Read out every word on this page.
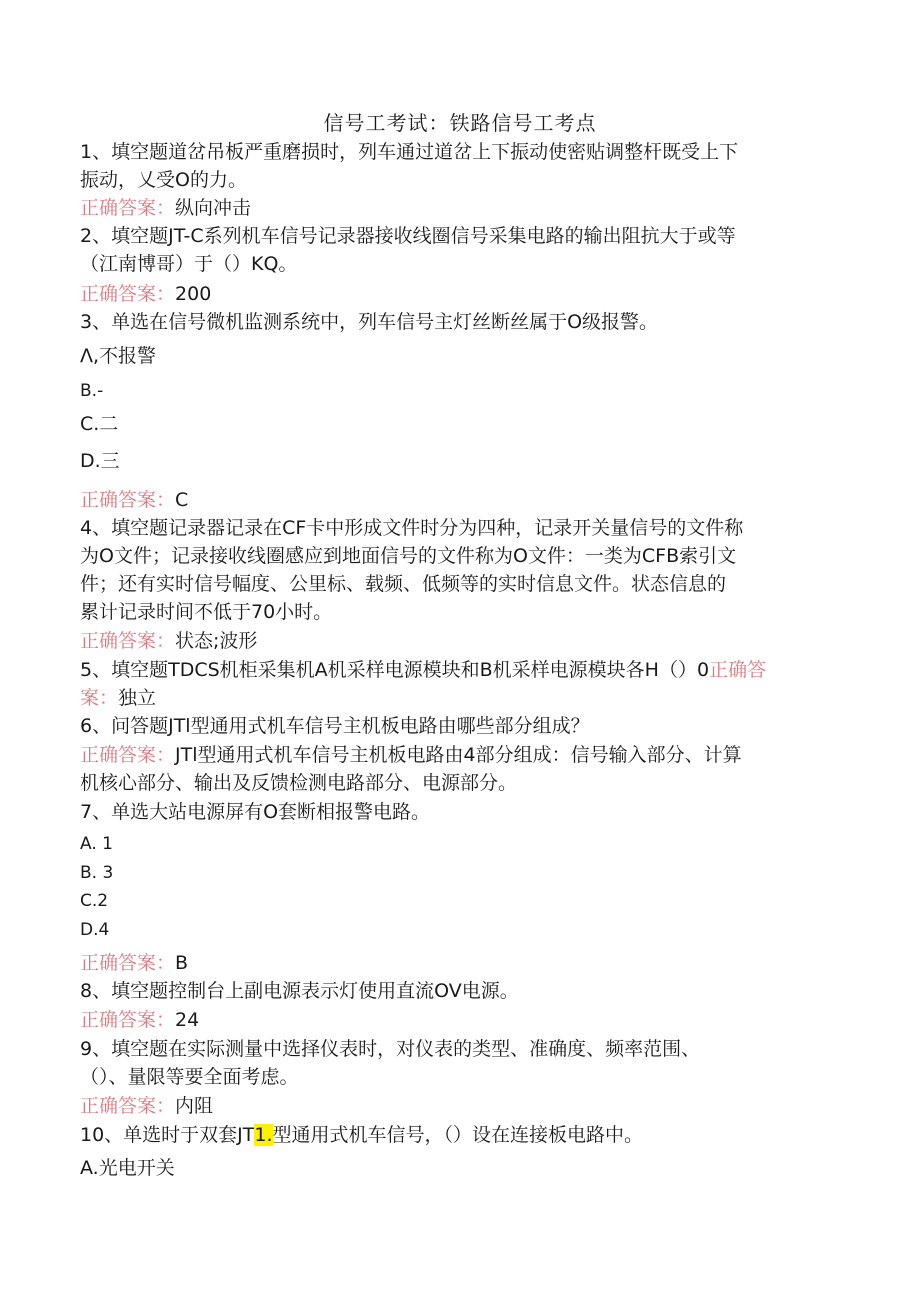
信号工考试：铁路信号工考点
1、填空题道岔吊板严重磨损时，列车通过道岔上下振动使密贴调整杆既受上下
振动，乂受O的力。
正确答案：纵向冲击
2、填空题JT-C系列机车信号记录器接收线圈信号采集电路的输出阻抗大于或等
（江南博哥）于（）KQ。
正确答案：200
3、单选在信号微机监测系统中，列车信号主灯丝断丝属于O级报警。
Λ,不报警
B.-
C.二
D.三
正确答案：C
4、填空题记录器记录在CF卡中形成文件时分为四种，记录开关量信号的文件称
为O文件；记录接收线圈感应到地面信号的文件称为O文件：一类为CFB索引文
件；还有实时信号幅度、公里标、载频、低频等的实时信息文件。状态信息的
累计记录时间不低于70小时。
正确答案：状态;波形
5、填空题TDCS机柜采集机A机采样电源模块和B机采样电源模块各H（）0正确答
案：独立
6、问答题JTl型通用式机车信号主机板电路由哪些部分组成？
正确答案：JTl型通用式机车信号主机板电路由4部分组成：信号输入部分、计算
机核心部分、输出及反馈检测电路部分、电源部分。
7、单选大站电源屏有O套断相报警电路。
A. 1
B. 3
C.2
D.4
正确答案：B
8、填空题控制台上副电源表示灯使用直流OV电源。
正确答案：24
9、填空题在实际测量中选择仪表时，对仪表的类型、准确度、频率范围、
（）、量限等要全面考虑。
正确答案：内阻
10、单选时于双套JT1.型通用式机车信号，（）设在连接板电路中。
A.光电开关
